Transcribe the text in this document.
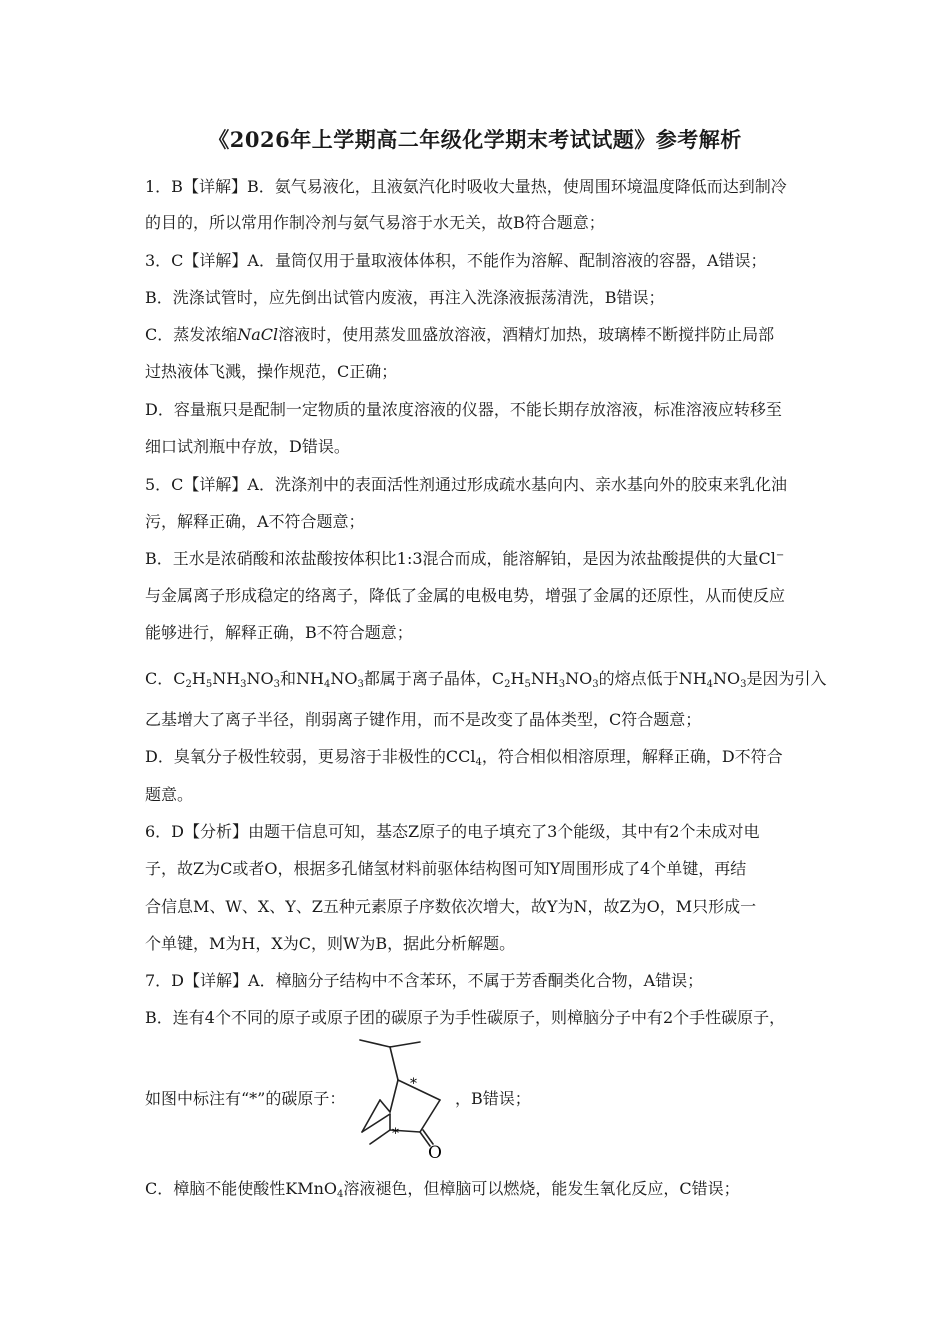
《2026年上学期高二年级化学期末考试试题》参考解析
1．B【详解】B．氨气易液化，且液氨汽化时吸收大量热，使周围环境温度降低而达到制冷
的目的，所以常用作制冷剂与氨气易溶于水无关，故B符合题意；
3．C【详解】A．量筒仅用于量取液体体积，不能作为溶解、配制溶液的容器，A错误；
B．洗涤试管时，应先倒出试管内废液，再注入洗涤液振荡清洗，B错误；
C．蒸发浓缩NaCl溶液时，使用蒸发皿盛放溶液，酒精灯加热，玻璃棒不断搅拌防止局部
过热液体飞溅，操作规范，C正确；
D．容量瓶只是配制一定物质的量浓度溶液的仪器，不能长期存放溶液，标准溶液应转移至
细口试剂瓶中存放，D错误。
5．C【详解】A．洗涤剂中的表面活性剂通过形成疏水基向内、亲水基向外的胶束来乳化油
污，解释正确，A不符合题意；
B．王水是浓硝酸和浓盐酸按体积比1:3混合而成，能溶解铂，是因为浓盐酸提供的大量Cl−
与金属离子形成稳定的络离子，降低了金属的电极电势，增强了金属的还原性，从而使反应
能够进行，解释正确，B不符合题意；
C．$C_2H_5NH_3NO_3$和$NH_4NO_3$都属于离子晶体，$C_2H_5NH_3NO_3$的熔点低于$NH_4NO_3$是因为引入
乙基增大了离子半径，削弱离子键作用，而不是改变了晶体类型，C符合题意；
D．臭氧分子极性较弱，更易溶于非极性的CCl$_4$，符合相似相溶原理，解释正确，D不符合
题意。
6．D【分析】由题干信息可知，基态Z原子的电子填充了3个能级，其中有2个未成对电
子，故Z为C或者O，根据多孔储氢材料前驱体结构图可知Y周围形成了4个单键，再结
合信息M、W、X、Y、Z五种元素原子序数依次增大，故Y为N，故Z为O，M只形成一
个单键，M为H，X为C，则W为B，据此分析解题。
7．D【详解】A．樟脑分子结构中不含苯环，不属于芳香酮类化合物，A错误；
B．连有4个不同的原子或原子团的碳原子为手性碳原子，则樟脑分子中有2个手性碳原子，
如图中标注有“*”的碳原子：
*
*
O
，B错误；
C．樟脑不能使酸性KMnO$_4$溶液褪色，但樟脑可以燃烧，能发生氧化反应，C错误；
